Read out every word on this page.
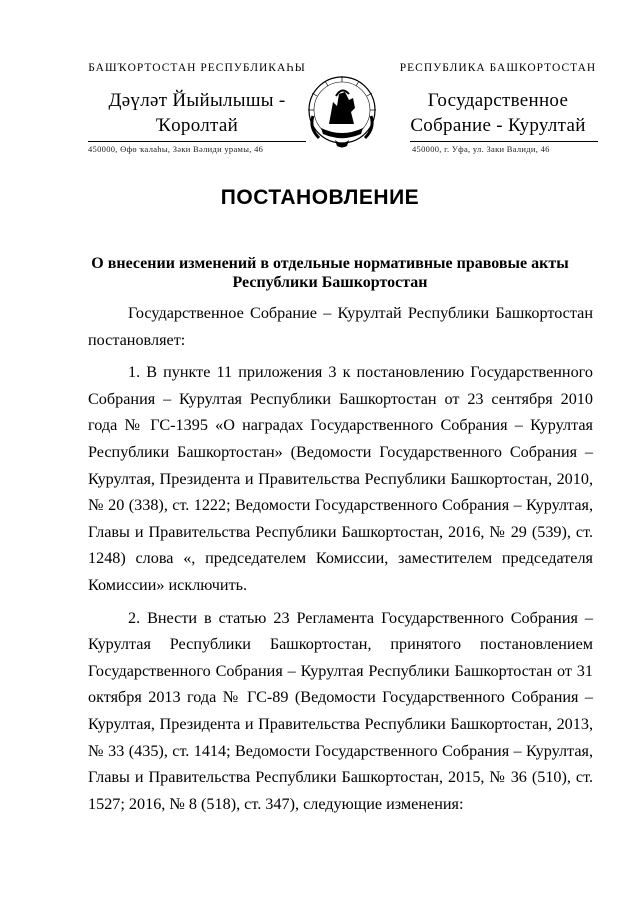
БАШҠОРТОСТАН РЕСПУБЛИКАҺЫ
Дәүләт Йыйылышы -
Ҡоролтай
РЕСПУБЛИКА БАШКОРТОСТАН
Государственное
Собрание - Курултай
450000, Өфө ҡалаһы, Зәки Вәлиди урамы, 46	450000, г. Уфа, ул. Заки Валиди, 46
ПОСТАНОВЛЕНИЕ
О внесении изменений в отдельные нормативные правовые акты
Республики Башкортостан

Государственное Собрание – Курултай Республики Башкортостан постановляет:

1. В пункте 11 приложения 3 к постановлению Государственного Собрания – Курултая Республики Башкортостан от 23 сентября 2010 года № ГС-1395 «О наградах Государственного Собрания – Курултая Республики Башкортостан» (Ведомости Государственного Собрания – Курултая, Президента и Правительства Республики Башкортостан, 2010, № 20 (338), ст. 1222; Ведомости Государственного Собрания – Курултая, Главы и Правительства Республики Башкортостан, 2016, № 29 (539), ст. 1248) слова «, председателем Комиссии, заместителем председателя Комиссии» исключить.

2. Внести в статью 23 Регламента Государственного Собрания – Курултая Республики Башкортостан, принятого постановлением Государственного Собрания – Курултая Республики Башкортостан от 31 октября 2013 года № ГС-89 (Ведомости Государственного Собрания – Курултая, Президента и Правительства Республики Башкортостан, 2013, № 33 (435), ст. 1414; Ведомости Государственного Собрания – Курултая, Главы и Правительства Республики Башкортостан, 2015, № 36 (510), ст. 1527; 2016, № 8 (518), ст. 347), следующие изменения:
